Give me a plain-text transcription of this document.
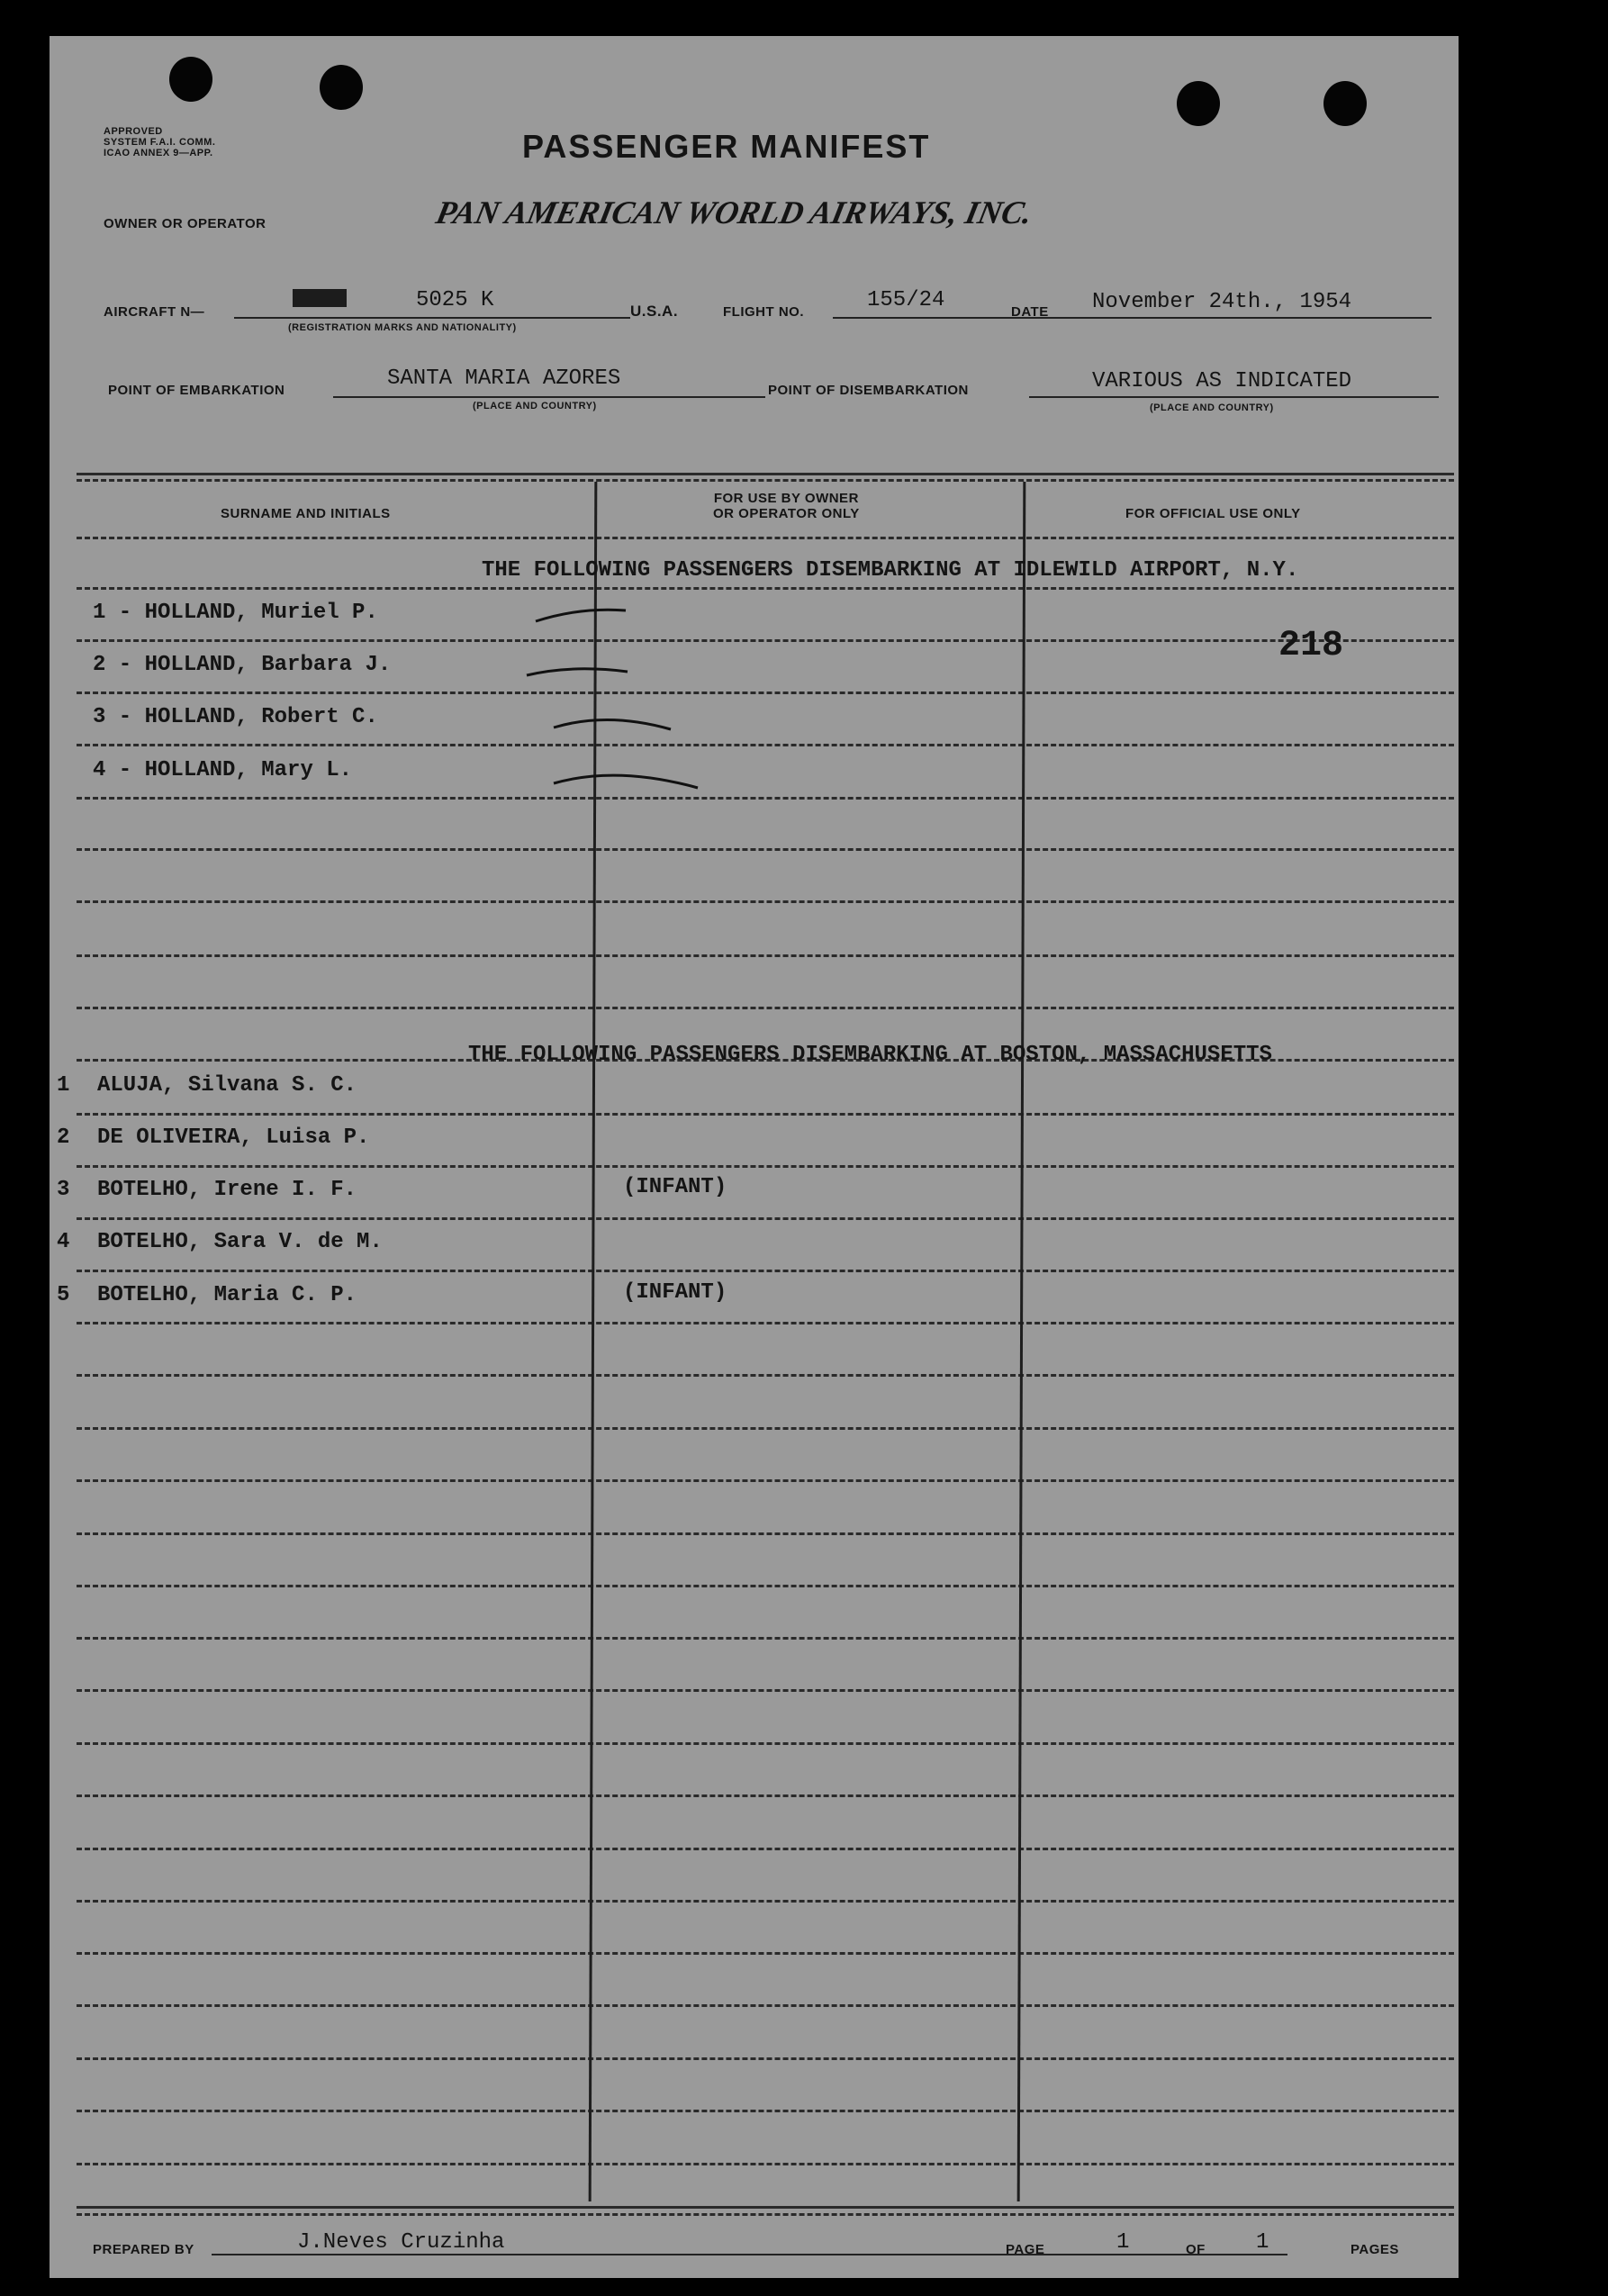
APPROVED
SYSTEM F.A.I. COMM.
ICAO ANNEX 9—APP.	PASSENGER MANIFEST
OWNER OR OPERATOR	PAN AMERICAN WORLD AIRWAYS, INC.
AIRCRAFT N—	5025 K
(REGISTRATION MARKS AND NATIONALITY)
U.S.A.	FLIGHT NO.	155/24	DATE November 24th., 1954
POINT OF EMBARKATION	SANTA MARIA AZORES
(PLACE AND COUNTRY)
POINT OF DISEMBARKATION	VARIOUS AS INDICATED
(PLACE AND COUNTRY)
SURNAME AND INITIALS
FOR USE BY OWNER
OR OPERATOR ONLY	FOR OFFICIAL USE ONLY
THE FOLLOWING PASSENGERS DISEMBARKING AT IDLEWILD AIRPORT, N.Y.
218
1 - HOLLAND, Muriel P.
2 - HOLLAND, Barbara J.
3 - HOLLAND, Robert C.
4 - HOLLAND, Mary L.
THE FOLLOWING PASSENGERS DISEMBARKING AT BOSTON, MASSACHUSETTS
1 ALUJA, Silvana S. C.
2 DE OLIVEIRA, Luisa P.
3 BOTELHO, Irene I. F.	(INFANT)
4 BOTELHO, Sara V. de M.
5 BOTELHO, Maria C. P.	(INFANT)
PREPARED BY	J.Neves Cruzinha	PAGE	1	OF 1	PAGES
